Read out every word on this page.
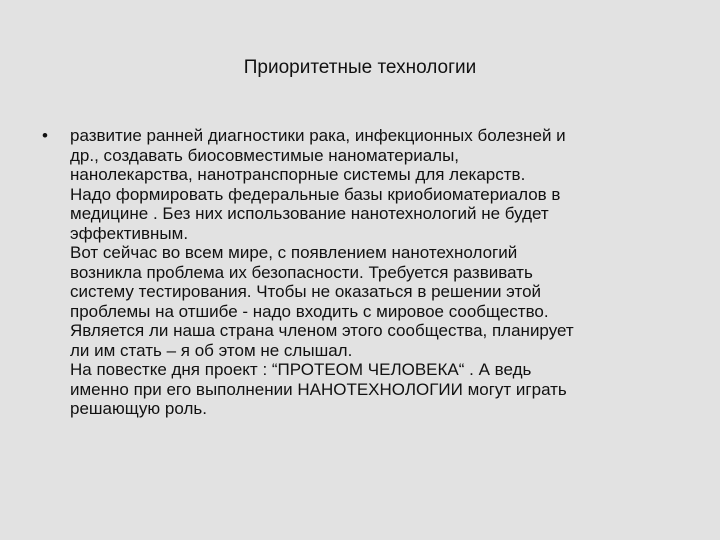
Приоритетные технологии
• развитие ранней диагностики рака, инфекционных болезней и
др., создавать биосовместимые наноматериалы,
нанолекарства, нанотранспорные системы для лекарств.
Надо формировать федеральные базы криобиоматериалов в
медицине . Без них использование нанотехнологий не будет
эффективным.
Вот сейчас во всем мире, с появлением нанотехнологий
возникла проблема их безопасности. Требуется развивать
систему тестирования. Чтобы не оказаться в решении этой
проблемы на отшибе - надо входить с мировое сообщество.
Является ли наша страна членом этого сообщества, планирует
ли им стать – я об этом не слышал.
На повестке дня проект : “ПРОТЕОМ ЧЕЛОВЕКА“ . А ведь
именно при его выполнении НАНОТЕХНОЛОГИИ могут играть
решающую роль.
